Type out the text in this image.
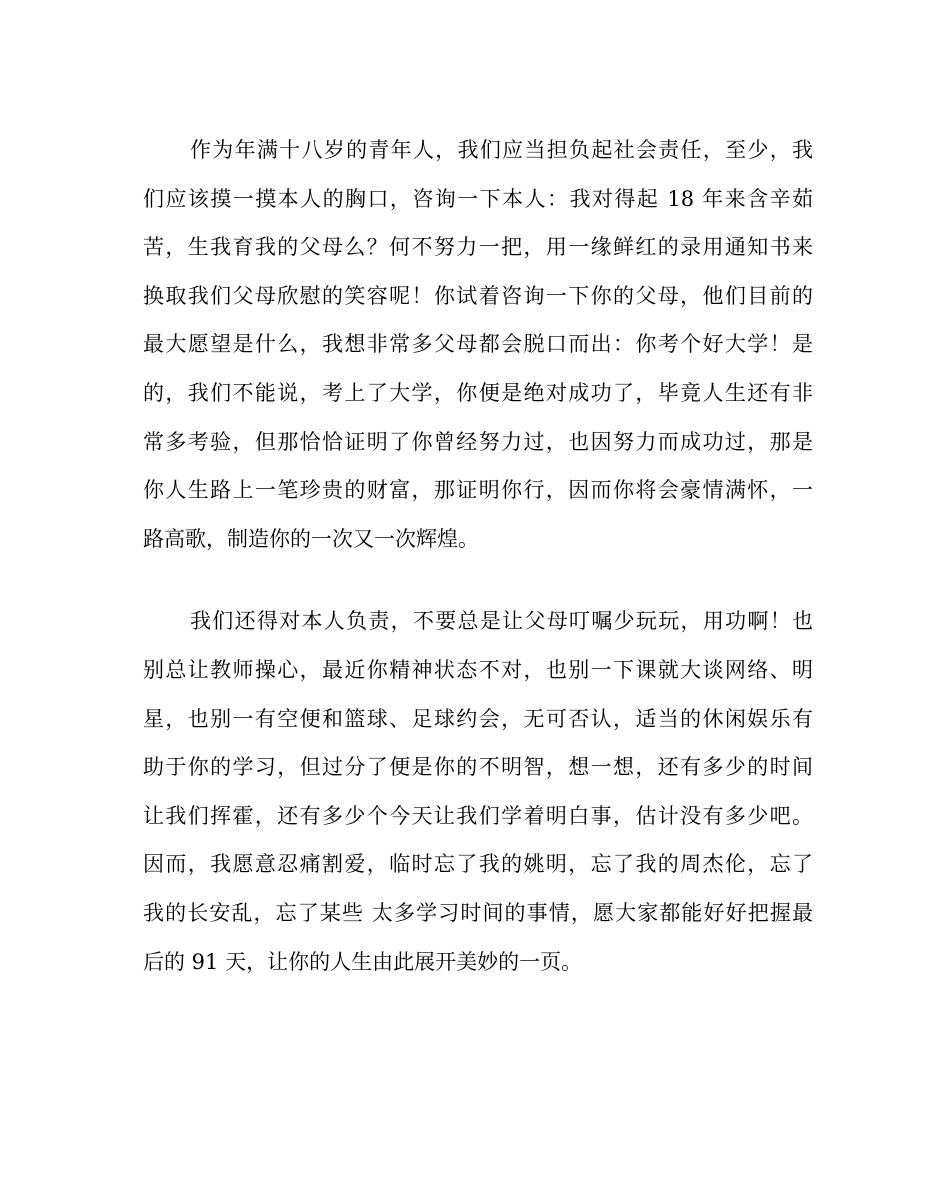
作为年满十八岁的青年人，我们应当担负起社会责任，至少，我
们应该摸一摸本人的胸口，咨询一下本人：我对得起 18 年来含辛茹
苦，生我育我的父母么？何不努力一把，用一缘鲜红的录用通知书来
换取我们父母欣慰的笑容呢！你试着咨询一下你的父母，他们目前的
最大愿望是什么，我想非常多父母都会脱口而出：你考个好大学！是
的，我们不能说，考上了大学，你便是绝对成功了，毕竟人生还有非
常多考验，但那恰恰证明了你曾经努力过，也因努力而成功过，那是
你人生路上一笔珍贵的财富，那证明你行，因而你将会豪情满怀，一
路高歌，制造你的一次又一次辉煌。

我们还得对本人负责，不要总是让父母叮嘱少玩玩，用功啊！也
别总让教师操心，最近你精神状态不对，也别一下课就大谈网络、明
星，也别一有空便和篮球、足球约会，无可否认，适当的休闲娱乐有
助于你的学习，但过分了便是你的不明智，想一想，还有多少的时间
让我们挥霍，还有多少个今天让我们学着明白事，估计没有多少吧。
因而，我愿意忍痛割爱，临时忘了我的姚明，忘了我的周杰伦，忘了
我的长安乱，忘了某些 太多学习时间的事情，愿大家都能好好把握最
后的 91 天，让你的人生由此展开美妙的一页。
